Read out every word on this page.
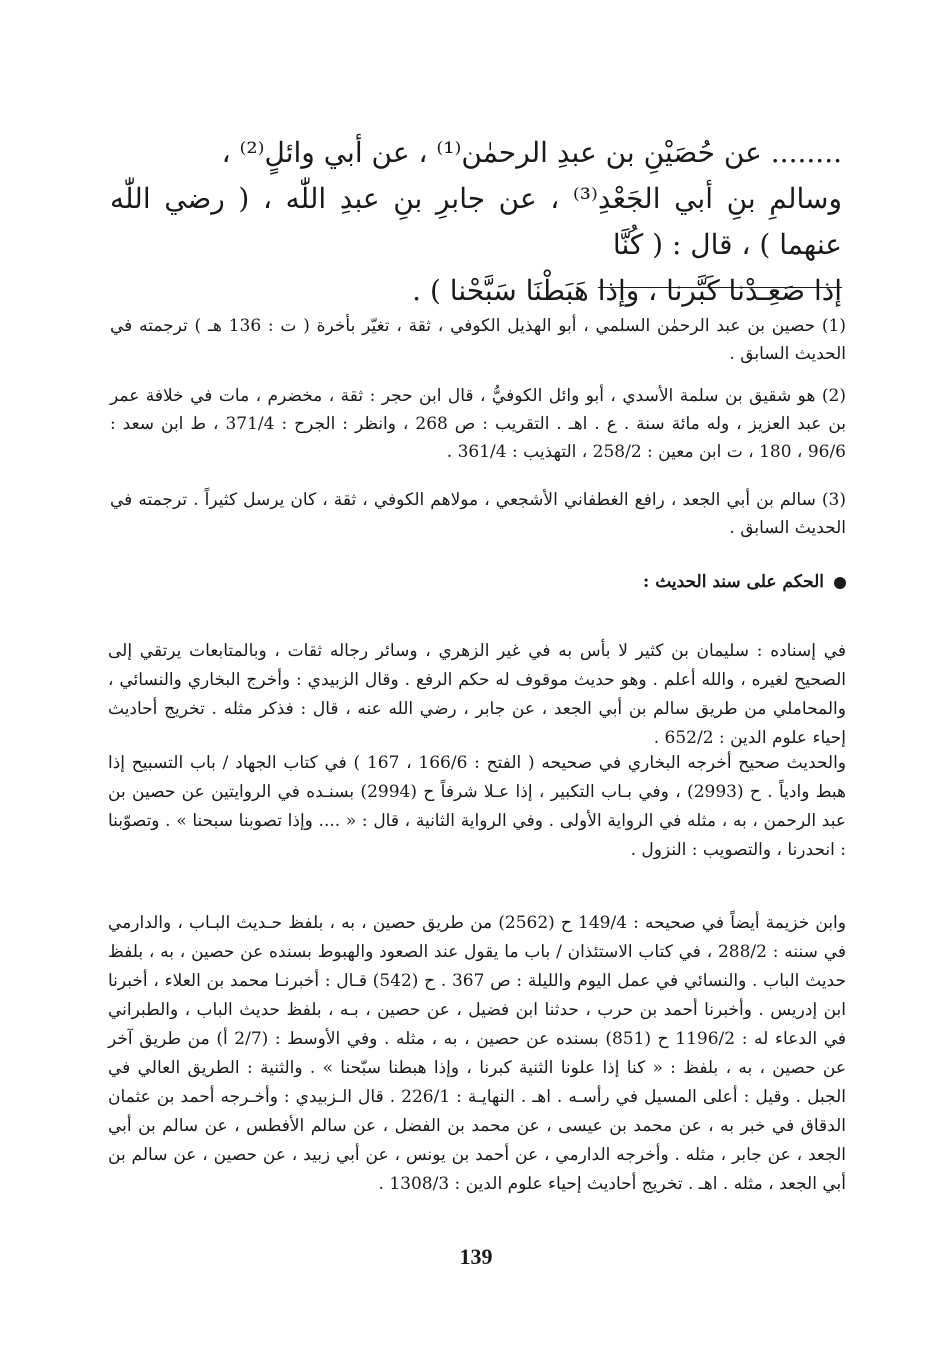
........ عن حُصَيْنِ بن عبدِ الرحمٰن⁽¹⁾ ، عن أبي وائلٍ⁽²⁾ ،

وسالمِ بنِ أبي الجَعْدِ⁽³⁾ ، عن جابرِ بنِ عبدِ اللّٰه ، ( رضي اللّٰه عنهما ) ، قال : ( كُنَّا

إذا صَعِـدْنا كَبَّرنا ، وإذا هَبَطْنَا سَبَّحْنا ) .

(1) حصين بن عبد الرحمٰن السلمي ، أبو الهذيل الكوفي ، ثقة ، تغيّر بأخرة ( ت : 136 هـ ) ترجمته في الحديث السابق .
(2) هو شقيق بن سلمة الأسدي ، أبو وائل الكوفيُّ ، قال ابن حجر : ثقة ، مخضرم ، مات في خلافة عمر بن عبد العزيز ، وله مائة سنة . ع . اهـ . التقريب : ص 268 ، وانظر : الجرح : 371/4 ، ط ابن سعد : 96/6 ، 180 ، ت ابن معين : 258/2 ، التهذيب : 361/4 .
(3) سالم بن أبي الجعد ، رافع الغطفاني الأشجعي ، مولاهم الكوفي ، ثقة ، كان يرسل كثيراً . ترجمته في الحديث السابق .
الحكم على سند الحديث :

في إسناده : سليمان بن كثير لا بأس به في غير الزهري ، وسائر رجاله ثقات ، وبالمتابعات يرتقي إلى الصحيح لغيره ، والله أعلم . وهو حديث موقوف له حكم الرفع . وقال الزبيدي : وأخرج البخاري والنسائي ، والمحاملي من طريق سالم بن أبي الجعد ، عن جابر ، رضي الله عنه ، قال : فذكر مثله . تخريج أحاديث إحياء علوم الدين : 652/2 .

والحديث صحيح أخرجه البخاري في صحيحه ( الفتح : 166/6 ، 167 ) في كتاب الجهاد / باب التسبيح إذا هبط وادياً . ح (2993) ، وفي بـاب التكبير ، إذا عـلا شرفاً ح (2994) بسنـده في الروايتين عن حصين بن عبد الرحمن ، به ، مثله في الرواية الأولى . وفي الرواية الثانية ، قال : « .... وإذا تصوبنا سبحنا » . وتصوّبنا : انحدرنا ، والتصويب : النزول .

وابن خزيمة أيضاً في صحيحه : 149/4 ح (2562) من طريق حصين ، به ، بلفظ حـديث البـاب ، والدارمي في سننه : 288/2 ، في كتاب الاستئذان / باب ما يقول عند الصعود والهبوط بسنده عن حصين ، به ، بلفظ حديث الباب . والنسائي في عمل اليوم والليلة : ص 367 . ح (542) قـال : أخبرنـا محمد بن العلاء ، أخبرنا ابن إدريس . وأخبرنا أحمد بن حرب ، حدثنا ابن فضيل ، عن حصين ، بـه ، بلفظ حديث الباب ، والطبراني في الدعاء له : 1196/2 ح (851) بسنده عن حصين ، به ، مثله . وفي الأوسط : (2/7 أ) من طريق آخر عن حصين ، به ، بلفظ : « كنا إذا علونا الثنية كبرنا ، وإذا هبطنا سبّحنا » . والثنية : الطريق العالي في الجبل . وقيل : أعلى المسيل في رأسـه . اهـ . النهايـة : 226/1 . قال الـزبيدي : وأخـرجه أحمد بن عثمان الدقاق في خبر به ، عن محمد بن عيسى ، عن محمد بن الفضل ، عن سالم الأفطس ، عن سالم بن أبي الجعد ، عن جابر ، مثله . وأخرجه الدارمي ، عن أحمد بن يونس ، عن أبي زبيد ، عن حصين ، عن سالم بن أبي الجعد ، مثله . اهـ . تخريج أحاديث إحياء علوم الدين : 1308/3 .

139
